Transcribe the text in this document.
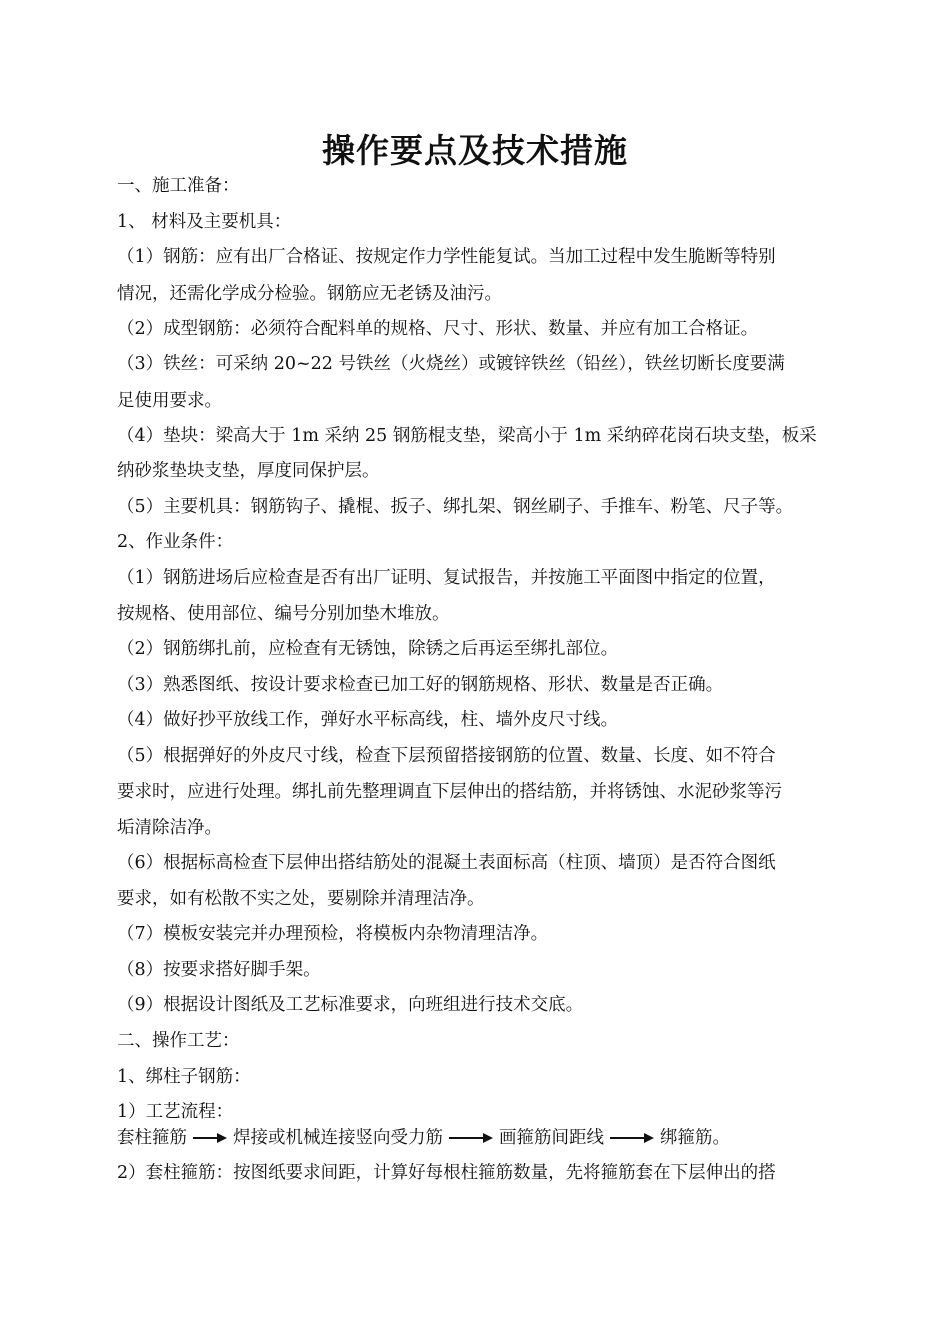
操作要点及技术措施
一、施工准备：
1、 材料及主要机具：
（1）钢筋：应有出厂合格证、按规定作力学性能复试。当加工过程中发生脆断等特别
情况，还需化学成分检验。钢筋应无老锈及油污。
（2）成型钢筋：必须符合配料单的规格、尺寸、形状、数量、并应有加工合格证。
（3）铁丝：可采纳 20~22 号铁丝（火烧丝）或镀锌铁丝（铅丝），铁丝切断长度要满
足使用要求。
（4）垫块：梁高大于 1m 采纳 25 钢筋棍支垫，梁高小于 1m 采纳碎花岗石块支垫，板采
纳砂浆垫块支垫，厚度同保护层。
（5）主要机具：钢筋钩子、撬棍、扳子、绑扎架、钢丝刷子、手推车、粉笔、尺子等。
2、作业条件：
（1）钢筋进场后应检查是否有出厂证明、复试报告，并按施工平面图中指定的位置，
按规格、使用部位、编号分别加垫木堆放。
（2）钢筋绑扎前，应检查有无锈蚀，除锈之后再运至绑扎部位。
（3）熟悉图纸、按设计要求检查已加工好的钢筋规格、形状、数量是否正确。
（4）做好抄平放线工作，弹好水平标高线，柱、墙外皮尺寸线。
（5）根据弹好的外皮尺寸线，检查下层预留搭接钢筋的位置、数量、长度、如不符合
要求时，应进行处理。绑扎前先整理调直下层伸出的搭结筋，并将锈蚀、水泥砂浆等污
垢清除洁净。
（6）根据标高检查下层伸出搭结筋处的混凝土表面标高（柱顶、墙顶）是否符合图纸
要求，如有松散不实之处，要剔除并清理洁净。
（7）模板安装完并办理预检，将模板内杂物清理洁净。
（8）按要求搭好脚手架。
（9）根据设计图纸及工艺标准要求，向班组进行技术交底。
二、操作工艺：
1、绑柱子钢筋：
1）工艺流程：
套柱箍筋	焊接或机械连接竖向受力筋	画箍筋间距线	绑箍筋。
2）套柱箍筋：按图纸要求间距，计算好每根柱箍筋数量，先将箍筋套在下层伸出的搭
